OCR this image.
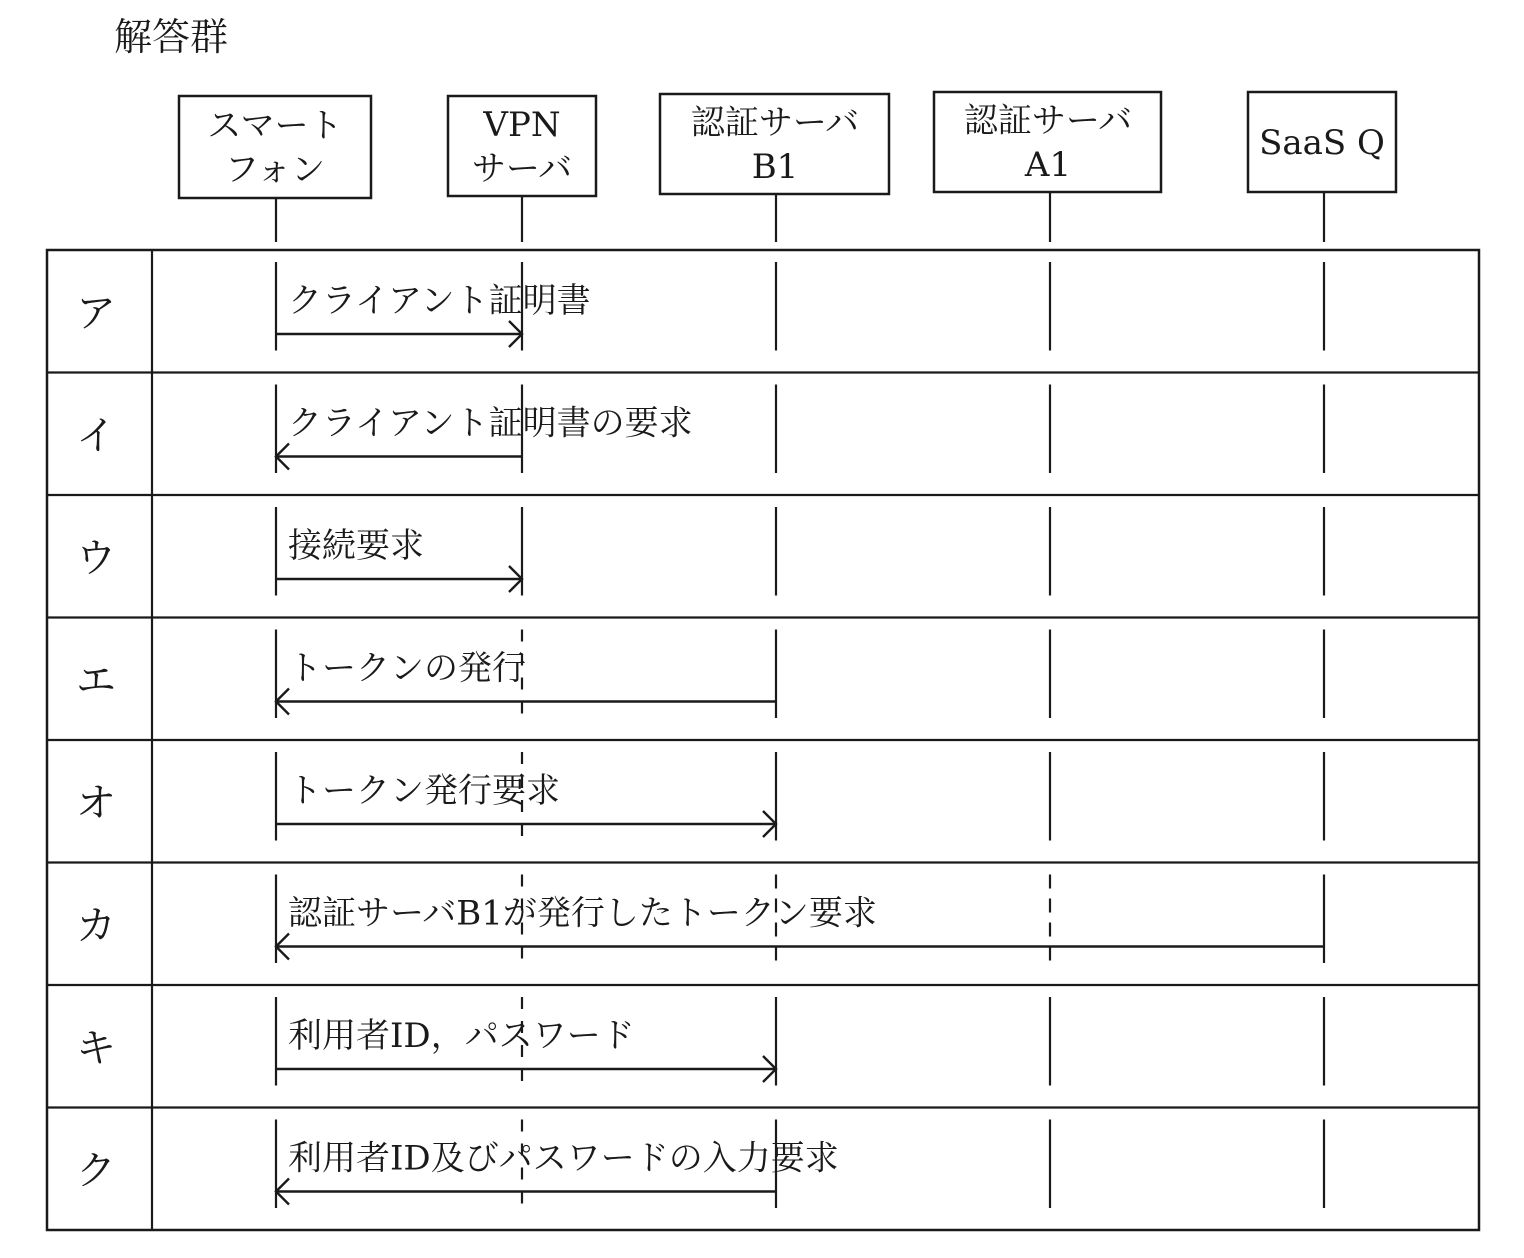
解答群
スマート
フォン
VPN
サーバ
認証サーバ
B1
認証サーバ
A1
SaaS Q
ア	クライアント証明書
イ	クライアント証明書の要求
ウ	接続要求
エ	トークンの発行
オ	トークン発行要求
カ	認証サーバB1が発行したトークン要求
キ	利用者ID，パスワード
ク	利用者ID及びパスワードの入力要求
